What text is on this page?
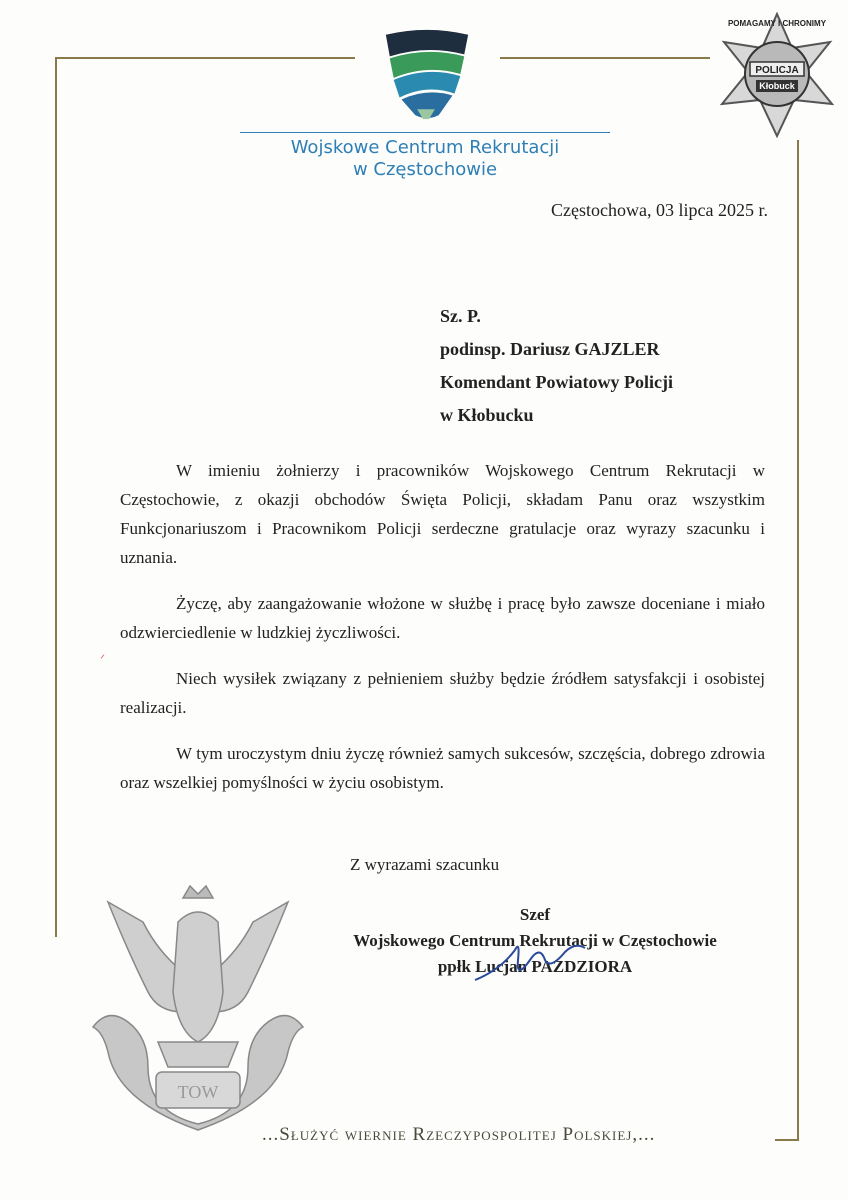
Wojskowe Centrum Rekrutacji
w Częstochowie
POLICJA
Kłobuck
POMAGAMY I CHRONIMY
Częstochowa, 03 lipca 2025 r.
Sz. P.
podinsp. Dariusz GAJZLER
Komendant Powiatowy Policji
w Kłobucku
ᐟ

W imieniu żołnierzy i pracowników Wojskowego Centrum Rekrutacji w Częstochowie, z okazji obchodów Święta Policji, składam Panu oraz wszystkim Funkcjonariuszom i Pracownikom Policji serdeczne gratulacje oraz wyrazy szacunku i uznania.

Życzę, aby zaangażowanie włożone w służbę i pracę było zawsze doceniane i miało odzwierciedlenie w ludzkiej życzliwości.

Niech wysiłek związany z pełnieniem służby będzie źródłem satysfakcji i osobistej realizacji.

W tym uroczystym dniu życzę również samych sukcesów, szczęścia, dobrego zdrowia oraz wszelkiej pomyślności w życiu osobistym.

Z wyrazami szacunku
TOW
Szef
Wojskowego Centrum Rekrutacji w Częstochowie
ppłk Lucjan PAŹDZIORA
...Służyć wiernie Rzeczypospolitej Polskiej,...
